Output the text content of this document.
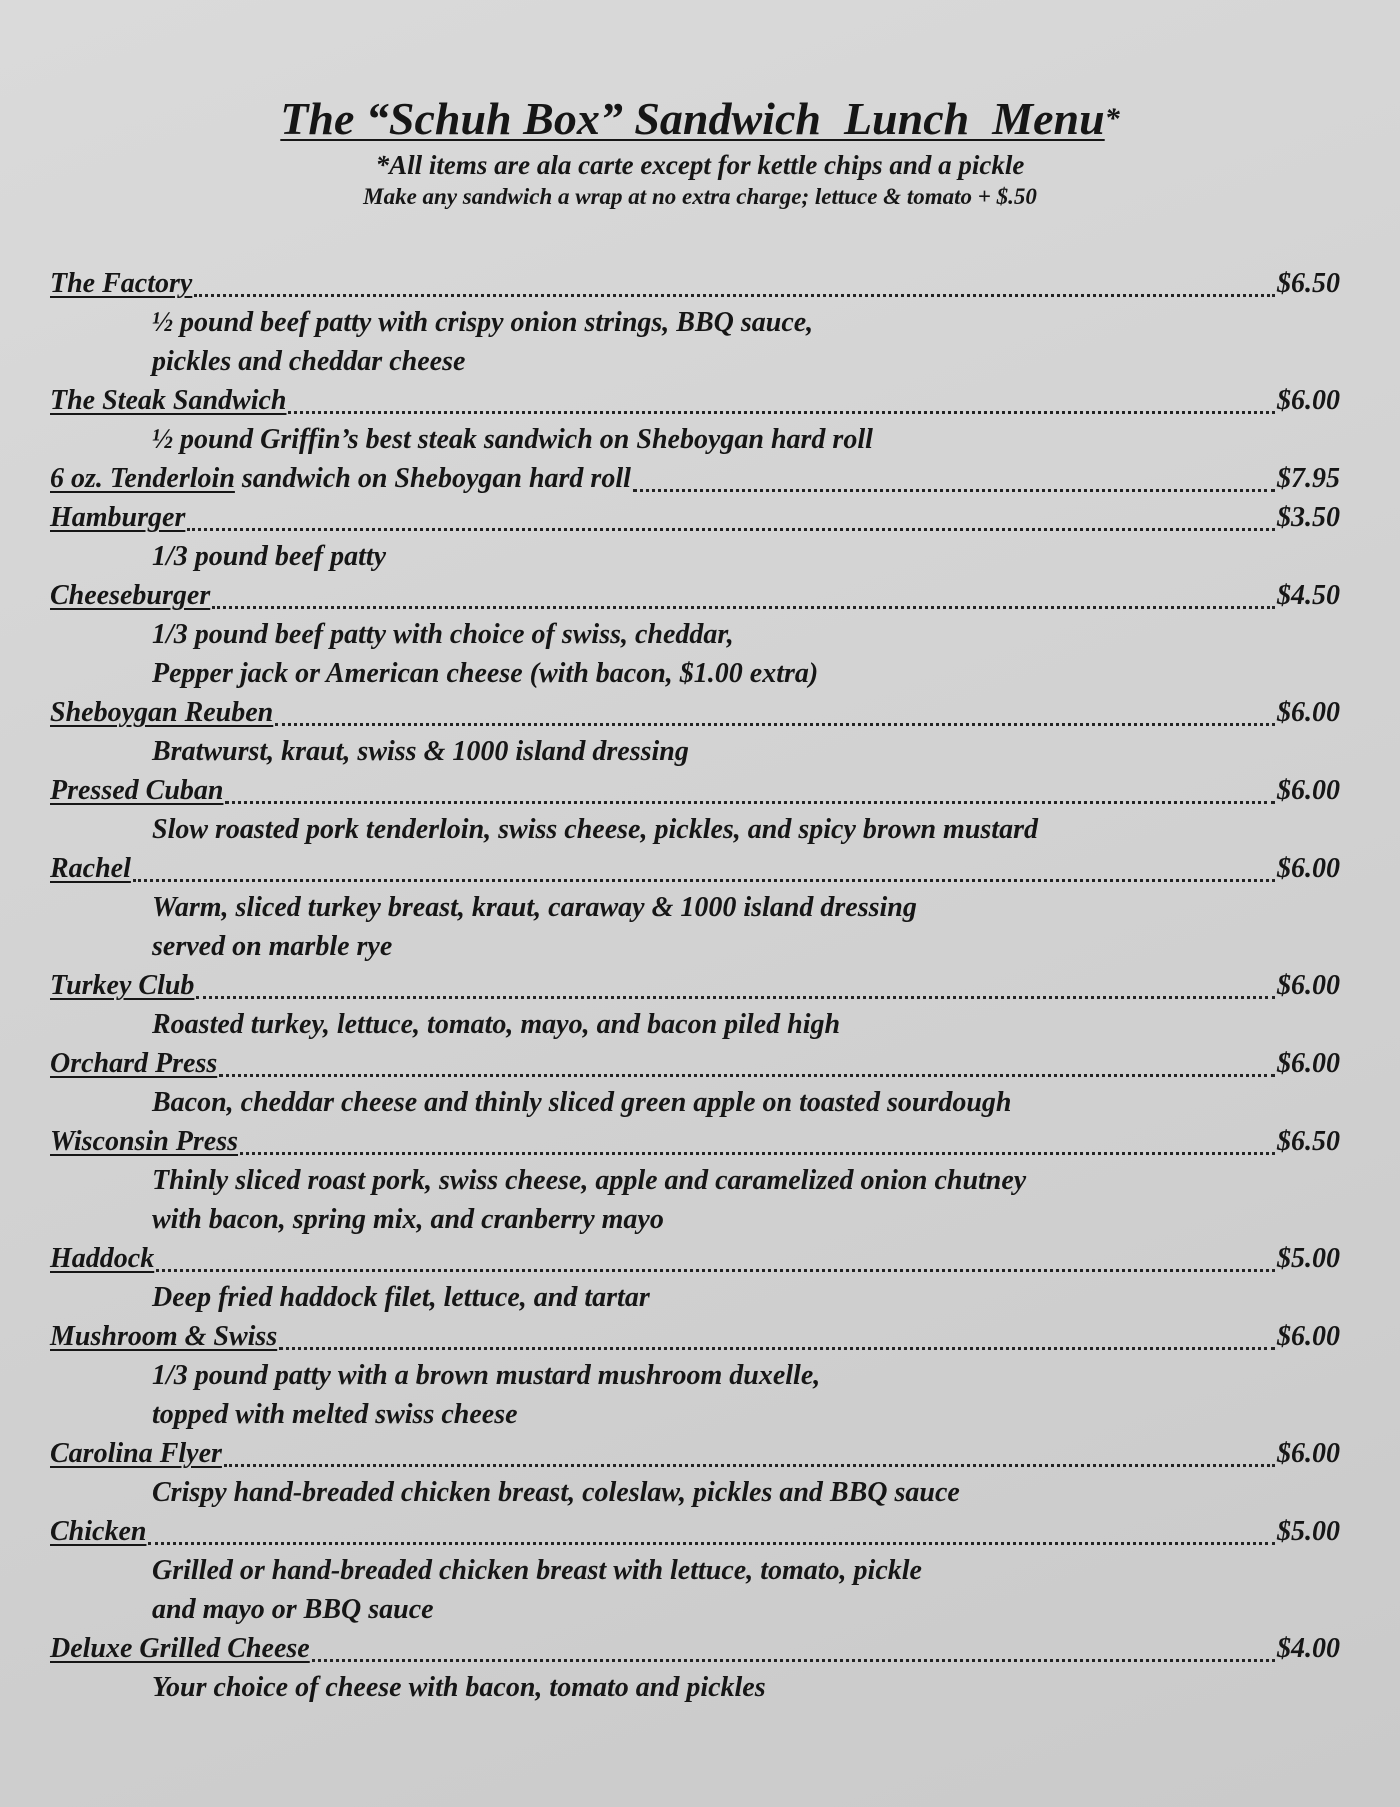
The “Schuh Box” Sandwich  Lunch  Menu*
*All items are ala carte except for kettle chips and a pickle
Make any sandwich a wrap at no extra charge; lettuce & tomato + $.50
The Factory	$6.50
½ pound beef patty with crispy onion strings, BBQ sauce,
pickles and cheddar cheese
The Steak Sandwich	$6.00
½ pound Griffin’s best steak sandwich on Sheboygan hard roll
6 oz. Tenderloin sandwich on Sheboygan hard roll	$7.95
Hamburger	$3.50
1/3 pound beef patty
Cheeseburger	$4.50
1/3 pound beef patty with choice of swiss, cheddar,
Pepper jack or American cheese (with bacon, $1.00 extra)
Sheboygan Reuben	$6.00
Bratwurst, kraut, swiss & 1000 island dressing
Pressed Cuban	$6.00
Slow roasted pork tenderloin, swiss cheese, pickles, and spicy brown mustard
Rachel	$6.00
Warm, sliced turkey breast, kraut, caraway & 1000 island dressing
served on marble rye
Turkey Club	$6.00
Roasted turkey, lettuce, tomato, mayo, and bacon piled high
Orchard Press	$6.00
Bacon, cheddar cheese and thinly sliced green apple on toasted sourdough
Wisconsin Press	$6.50
Thinly sliced roast pork, swiss cheese, apple and caramelized onion chutney
with bacon, spring mix, and cranberry mayo
Haddock	$5.00
Deep fried haddock filet, lettuce, and tartar
Mushroom & Swiss	$6.00
1/3 pound patty with a brown mustard mushroom duxelle,
topped with melted swiss cheese
Carolina Flyer	$6.00
Crispy hand-breaded chicken breast, coleslaw, pickles and BBQ sauce
Chicken	$5.00
Grilled or hand-breaded chicken breast with lettuce, tomato, pickle
and mayo or BBQ sauce
Deluxe Grilled Cheese	$4.00
Your choice of cheese with bacon, tomato and pickles
